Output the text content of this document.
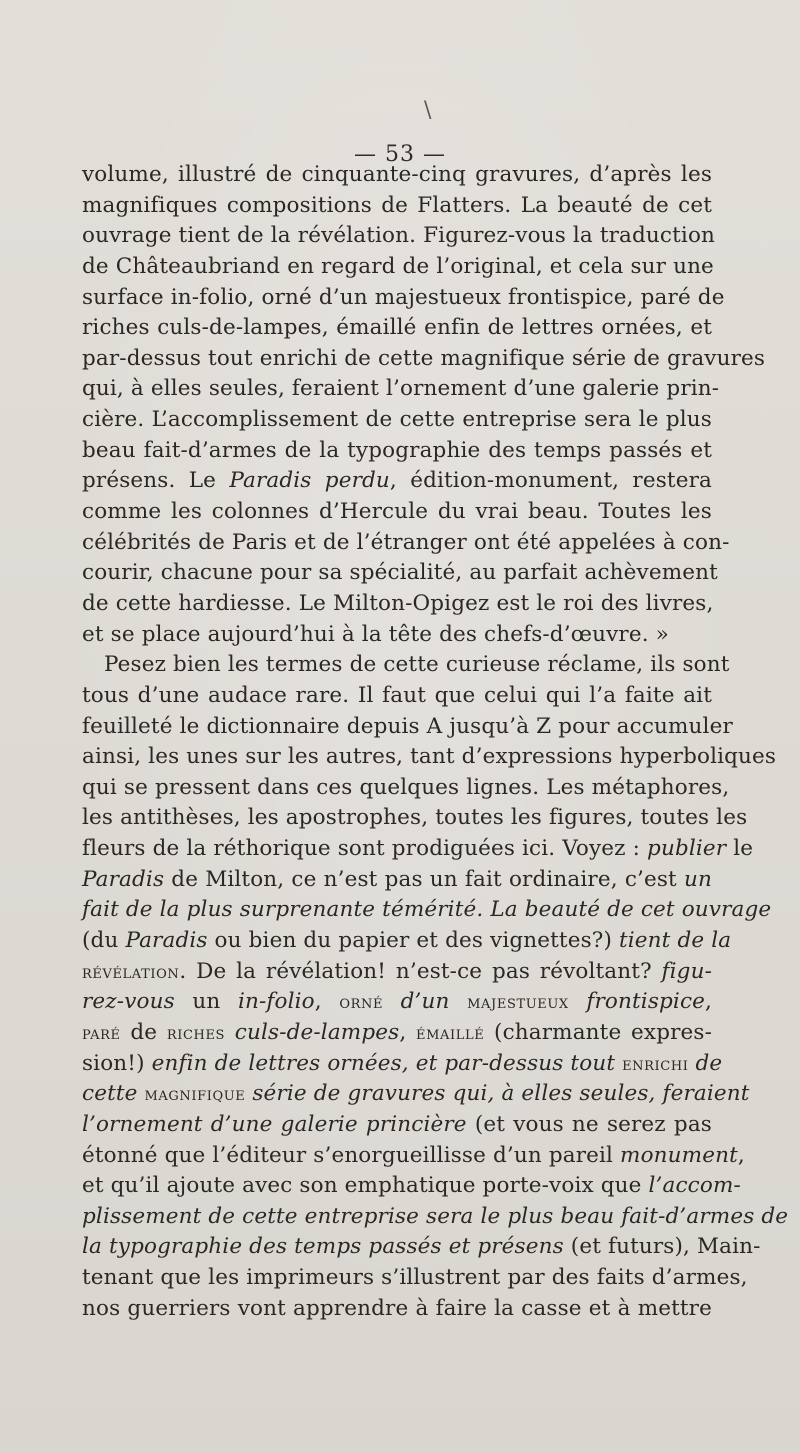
\
— 53 —
volume, illustré de cinquante-cinq gravures, d’après les
magnifiques compositions de Flatters. La beauté de cet
ouvrage tient de la révélation. Figurez-vous la traduction
de Châteaubriand en regard de l’original, et cela sur une
surface in-folio, orné d’un majestueux frontispice, paré de
riches culs-de-lampes, émaillé enfin de lettres ornées, et
par-dessus tout enrichi de cette magnifique série de gravures
qui, à elles seules, feraient l’ornement d’une galerie prin-
cière. L’accomplissement de cette entreprise sera le plus
beau fait-d’armes de la typographie des temps passés et
présens. Le Paradis perdu, édition-monument, restera
comme les colonnes d’Hercule du vrai beau. Toutes les
célébrités de Paris et de l’étranger ont été appelées à con-
courir, chacune pour sa spécialité, au parfait achèvement
de cette hardiesse. Le Milton-Opigez est le roi des livres,
et se place aujourd’hui à la tête des chefs-d’œuvre. »
Pesez bien les termes de cette curieuse réclame, ils sont
tous d’une audace rare. Il faut que celui qui l’a faite ait
feuilleté le dictionnaire depuis A jusqu’à Z pour accumuler
ainsi, les unes sur les autres, tant d’expressions hyperboliques
qui se pressent dans ces quelques lignes. Les métaphores,
les antithèses, les apostrophes, toutes les figures, toutes les
fleurs de la réthorique sont prodiguées ici. Voyez : publier le
Paradis de Milton, ce n’est pas un fait ordinaire, c’est un
fait de la plus surprenante témérité. La beauté de cet ouvrage
(du Paradis ou bien du papier et des vignettes?) tient de la
révélation. De la révélation! n’est-ce pas révoltant? figu-
rez-vous un in-folio, orné d’un majestueux frontispice,
paré de riches culs-de-lampes, émaillé (charmante expres-
sion!) enfin de lettres ornées, et par-dessus tout enrichi de
cette magnifique série de gravures qui, à elles seules, feraient
l’ornement d’une galerie princière (et vous ne serez pas
étonné que l’éditeur s’enorgueillisse d’un pareil monument,
et qu’il ajoute avec son emphatique porte-voix que l’accom-
plissement de cette entreprise sera le plus beau fait-d’armes de
la typographie des temps passés et présens (et futurs), Main-
tenant que les imprimeurs s’illustrent par des faits d’armes,
nos guerriers vont apprendre à faire la casse et à mettre
